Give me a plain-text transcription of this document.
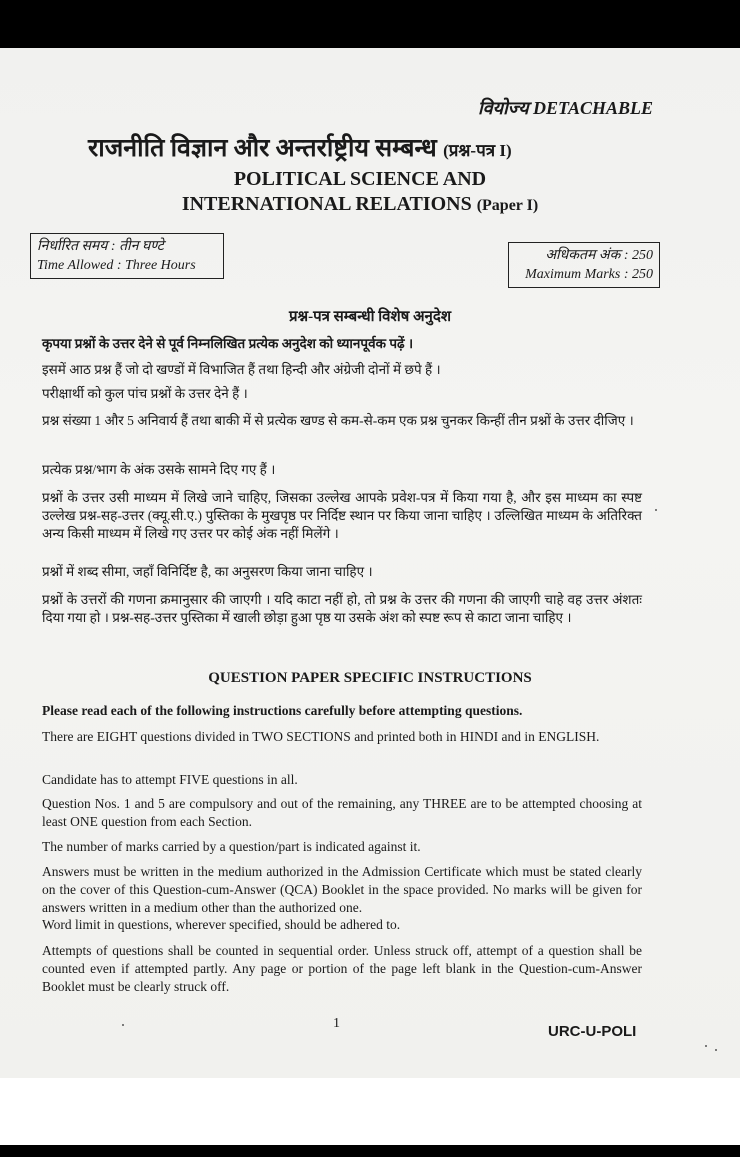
वियोज्य DETACHABLE
राजनीति विज्ञान और अन्तर्राष्ट्रीय सम्बन्ध (प्रश्न-पत्र I)
POLITICAL SCIENCE AND
INTERNATIONAL RELATIONS (Paper I)
निर्धारित समय : तीन घण्टे
Time Allowed : Three Hours
अधिकतम अंक : 250
Maximum Marks : 250
प्रश्न-पत्र सम्बन्धी विशेष अनुदेश

कृपया प्रश्नों के उत्तर देने से पूर्व निम्नलिखित प्रत्येक अनुदेश को ध्यानपूर्वक पढ़ें ।

इसमें आठ प्रश्न हैं जो दो खण्डों में विभाजित हैं तथा हिन्दी और अंग्रेजी दोनों में छपे हैं ।

परीक्षार्थी को कुल पांच प्रश्नों के उत्तर देने हैं ।

प्रश्न संख्या 1 और 5 अनिवार्य हैं तथा बाकी में से प्रत्येक खण्ड से कम-से-कम एक प्रश्न चुनकर किन्हीं तीन प्रश्नों के उत्तर दीजिए ।

प्रत्येक प्रश्न/भाग के अंक उसके सामने दिए गए हैं ।

प्रश्नों के उत्तर उसी माध्यम में लिखे जाने चाहिए, जिसका उल्लेख आपके प्रवेश-पत्र में किया गया है, और इस माध्यम का स्पष्ट उल्लेख प्रश्न-सह-उत्तर (क्यू.सी.ए.) पुस्तिका के मुखपृष्ठ पर निर्दिष्ट स्थान पर किया जाना चाहिए । उल्लिखित माध्यम के अतिरिक्त अन्य किसी माध्यम में लिखे गए उत्तर पर कोई अंक नहीं मिलेंगे ।

प्रश्नों में शब्द सीमा, जहाँ विनिर्दिष्ट है, का अनुसरण किया जाना चाहिए ।

प्रश्नों के उत्तरों की गणना क्रमानुसार की जाएगी । यदि काटा नहीं हो, तो प्रश्न के उत्तर की गणना की जाएगी चाहे वह उत्तर अंशतः दिया गया हो । प्रश्न-सह-उत्तर पुस्तिका में खाली छोड़ा हुआ पृष्ठ या उसके अंश को स्पष्ट रूप से काटा जाना चाहिए ।

QUESTION PAPER SPECIFIC INSTRUCTIONS

Please read each of the following instructions carefully before attempting questions.

There are EIGHT questions divided in TWO SECTIONS and printed both in HINDI and in ENGLISH.

Candidate has to attempt FIVE questions in all.

Question Nos. 1 and 5 are compulsory and out of the remaining, any THREE are to be attempted choosing at least ONE question from each Section.

The number of marks carried by a question/part is indicated against it.

Answers must be written in the medium authorized in the Admission Certificate which must be stated clearly on the cover of this Question-cum-Answer (QCA) Booklet in the space provided. No marks will be given for answers written in a medium other than the authorized one.

Word limit in questions, wherever specified, should be adhered to.

Attempts of questions shall be counted in sequential order. Unless struck off, attempt of a question shall be counted even if attempted partly. Any page or portion of the page left blank in the Question-cum-Answer Booklet must be clearly struck off.

1	URC-U-POLI
